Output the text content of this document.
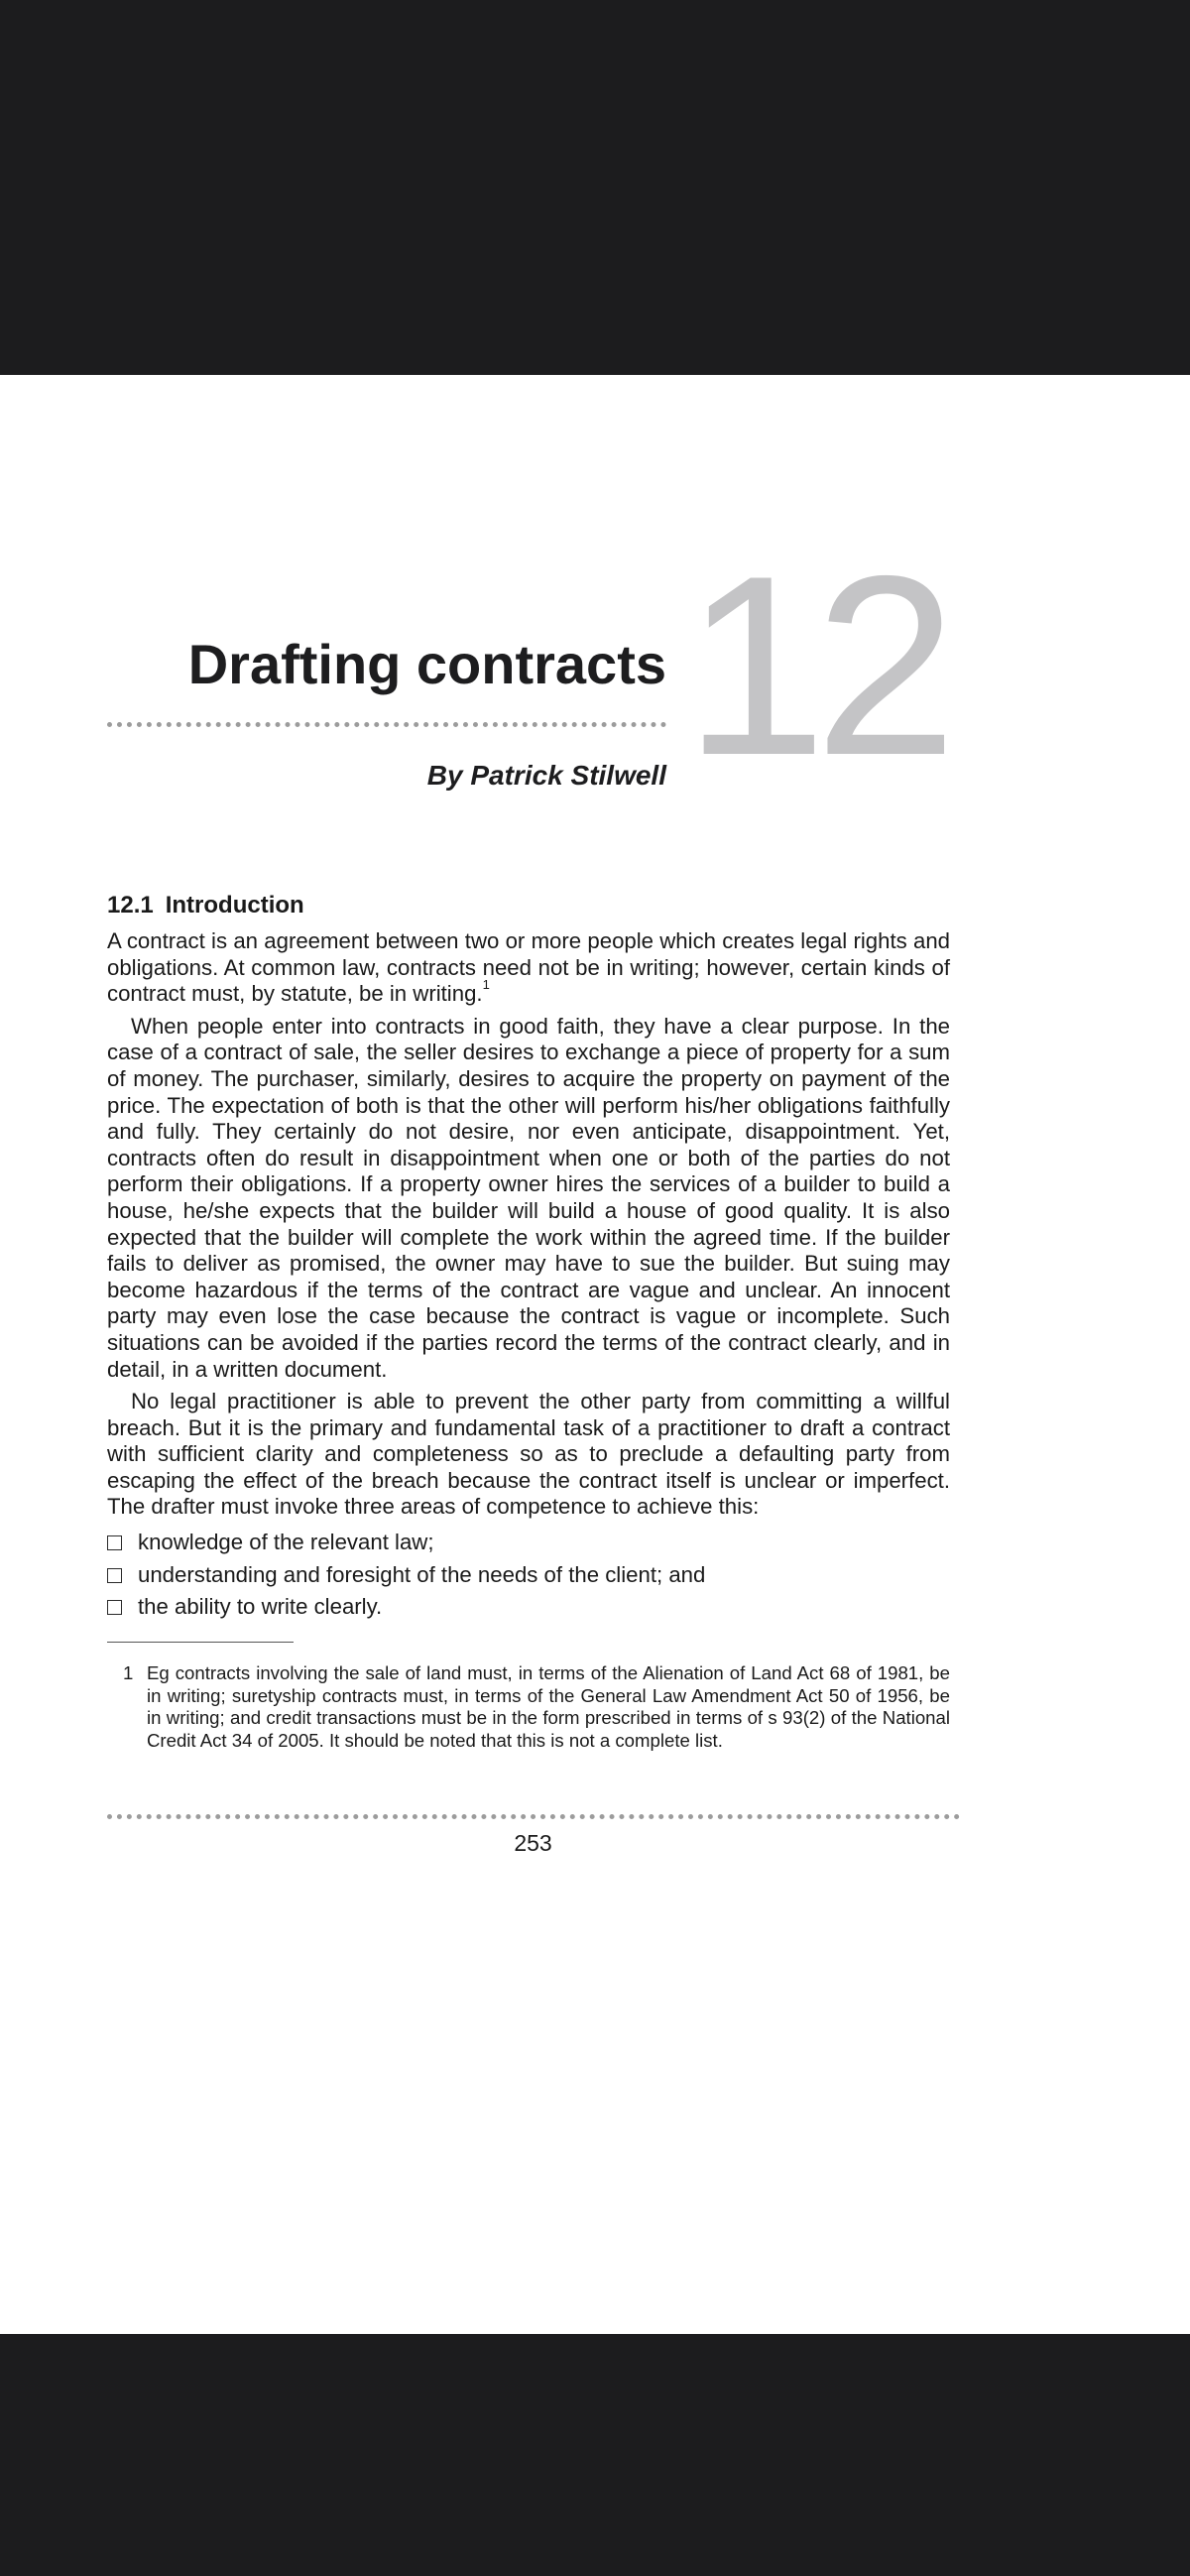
12
Drafting contracts
By Patrick Stilwell
12.1 Introduction

A contract is an agreement between two or more people which creates legal rights and obligations. At common law, contracts need not be in writing; however, certain kinds of contract must, by statute, be in writing.$^1$

When people enter into contracts in good faith, they have a clear purpose. In the case of a contract of sale, the seller desires to exchange a piece of property for a sum of money. The purchaser, similarly, desires to acquire the property on payment of the price. The expectation of both is that the other will perform his/her obligations faithfully and fully. They certainly do not desire, nor even anticipate, disappointment. Yet, contracts often do result in disappointment when one or both of the parties do not perform their obligations. If a property owner hires the services of a builder to build a house, he/she expects that the builder will build a house of good quality. It is also expected that the builder will complete the work within the agreed time. If the builder fails to deliver as promised, the owner may have to sue the builder. But suing may become hazardous if the terms of the contract are vague and unclear. An innocent party may even lose the case because the contract is vague or incomplete. Such situations can be avoided if the parties record the terms of the contract clearly, and in detail, in a written document.

No legal practitioner is able to prevent the other party from committing a willful breach. But it is the primary and fundamental task of a practitioner to draft a contract with sufficient clarity and completeness so as to preclude a defaulting party from escaping the effect of the breach because the contract itself is unclear or imperfect. The drafter must invoke three areas of competence to achieve this:

knowledge of the relevant law;
understanding and foresight of the needs of the client; and
the ability to write clearly.
1 Eg contracts involving the sale of land must, in terms of the Alienation of Land Act 68 of 1981, be in writing; suretyship contracts must, in terms of the General Law Amendment Act 50 of 1956, be in writing; and credit transactions must be in the form prescribed in terms of s 93(2) of the National Credit Act 34 of 2005. It should be noted that this is not a complete list.
253
